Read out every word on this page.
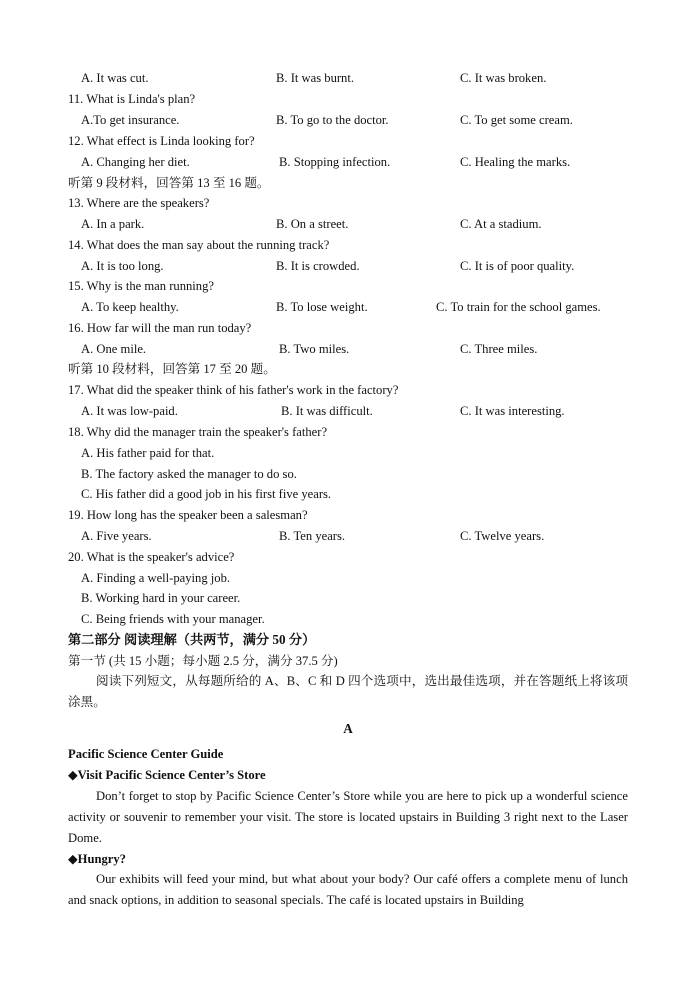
A. It was cut.	B. It was burnt.	C. It was broken.
11. What is Linda's plan?
A.To get insurance.	B. To go to the doctor.	C. To get some cream.
12. What effect is Linda looking for?
A. Changing her diet.	B. Stopping infection.	C. Healing the marks.
听第 9 段材料，回答第 13 至 16 题。
13. Where are the speakers?
A. In a park.	B. On a street.	C. At a stadium.
14. What does the man say about the running track?
A. It is too long.	B. It is crowded.	C. It is of poor quality.
15. Why is the man running?
A. To keep healthy.	B. To lose weight.	C. To train for the school games.
16. How far will the man run today?
A. One mile.	B. Two miles.	C. Three miles.
听第 10 段材料，回答第 17 至 20 题。
17. What did the speaker think of his father's work in the factory?
A. It was low-paid.	B. It was difficult.	C. It was interesting.
18. Why did the manager train the speaker's father?
A. His father paid for that.
B. The factory asked the manager to do so.
C. His father did a good job in his first five years.
19. How long has the speaker been a salesman?
A. Five years.	B. Ten years.	C. Twelve years.
20. What is the speaker's advice?
A. Finding a well-paying job.
B. Working hard in your career.
C. Being friends with your manager.
第二部分 阅读理解（共两节，满分 50 分）
第一节 (共 15 小题；每小题 2.5 分，满分 37.5 分)

阅读下列短文，从每题所给的 A、B、C 和 D 四个选项中，选出最佳选项，并在答题纸上将该项涂黑。

A
Pacific Science Center Guide
◆Visit Pacific Science Center’s Store

Don’t forget to stop by Pacific Science Center’s Store while you are here to pick up a wonderful science activity or souvenir to remember your visit. The store is located upstairs in Building 3 right next to the Laser Dome.

◆Hungry?

Our exhibits will feed your mind, but what about your body? Our café offers a complete menu of lunch and snack options, in addition to seasonal specials. The café is located upstairs in Building
